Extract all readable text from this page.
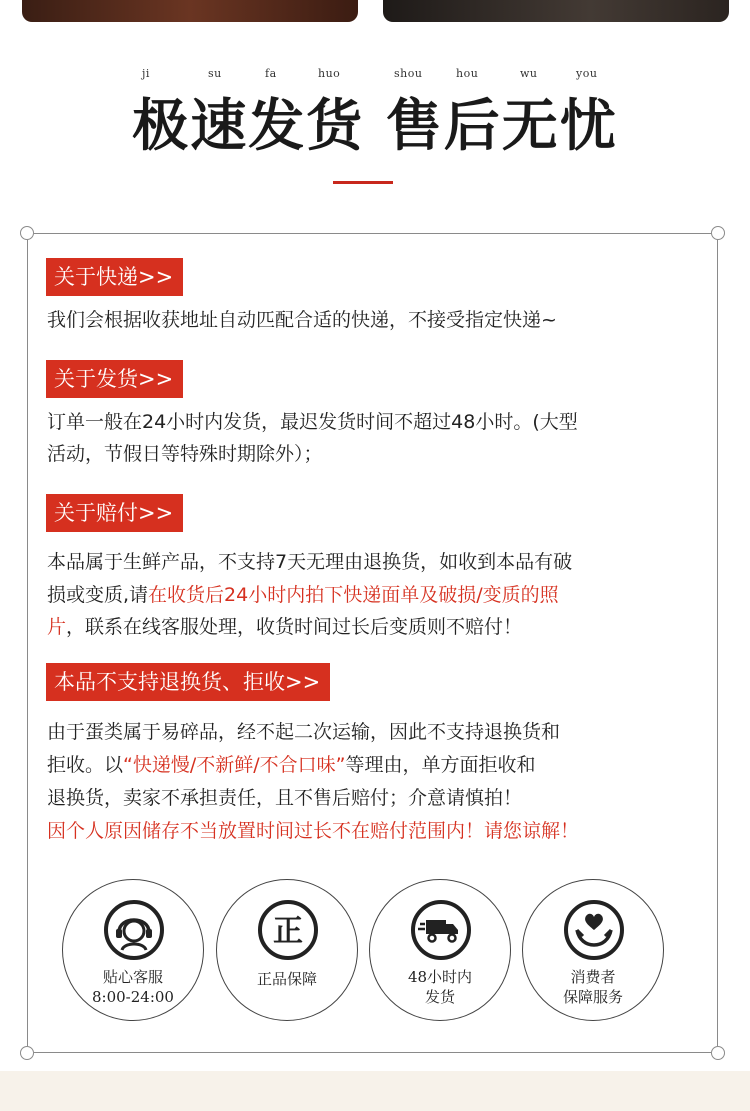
ji	su	fa	huo	shou	hou	wu	you
极速发货 售后无忧
关于快递>>
我们会根据收获地址自动匹配合适的快递，不接受指定快递~
关于发货>>
订单一般在24小时内发货，最迟发货时间不超过48小时。(大型
活动，节假日等特殊时期除外）；
关于赔付>>
本品属于生鲜产品，不支持7天无理由退换货，如收到本品有破
损或变质,请在收货后24小时内拍下快递面单及破损/变质的照
片，联系在线客服处理，收货时间过长后变质则不赔付！
本品不支持退换货、拒收>>
由于蛋类属于易碎品，经不起二次运输，因此不支持退换货和
拒收。以“快递慢/不新鲜/不合口味”等理由，单方面拒收和
退换货，卖家不承担责任，且不售后赔付；介意请慎拍！
因个人原因储存不当放置时间过长不在赔付范围内！请您谅解！
贴心客服
8:00-24:00
正
正品保障	48小时内
发货
消费者
保障服务
